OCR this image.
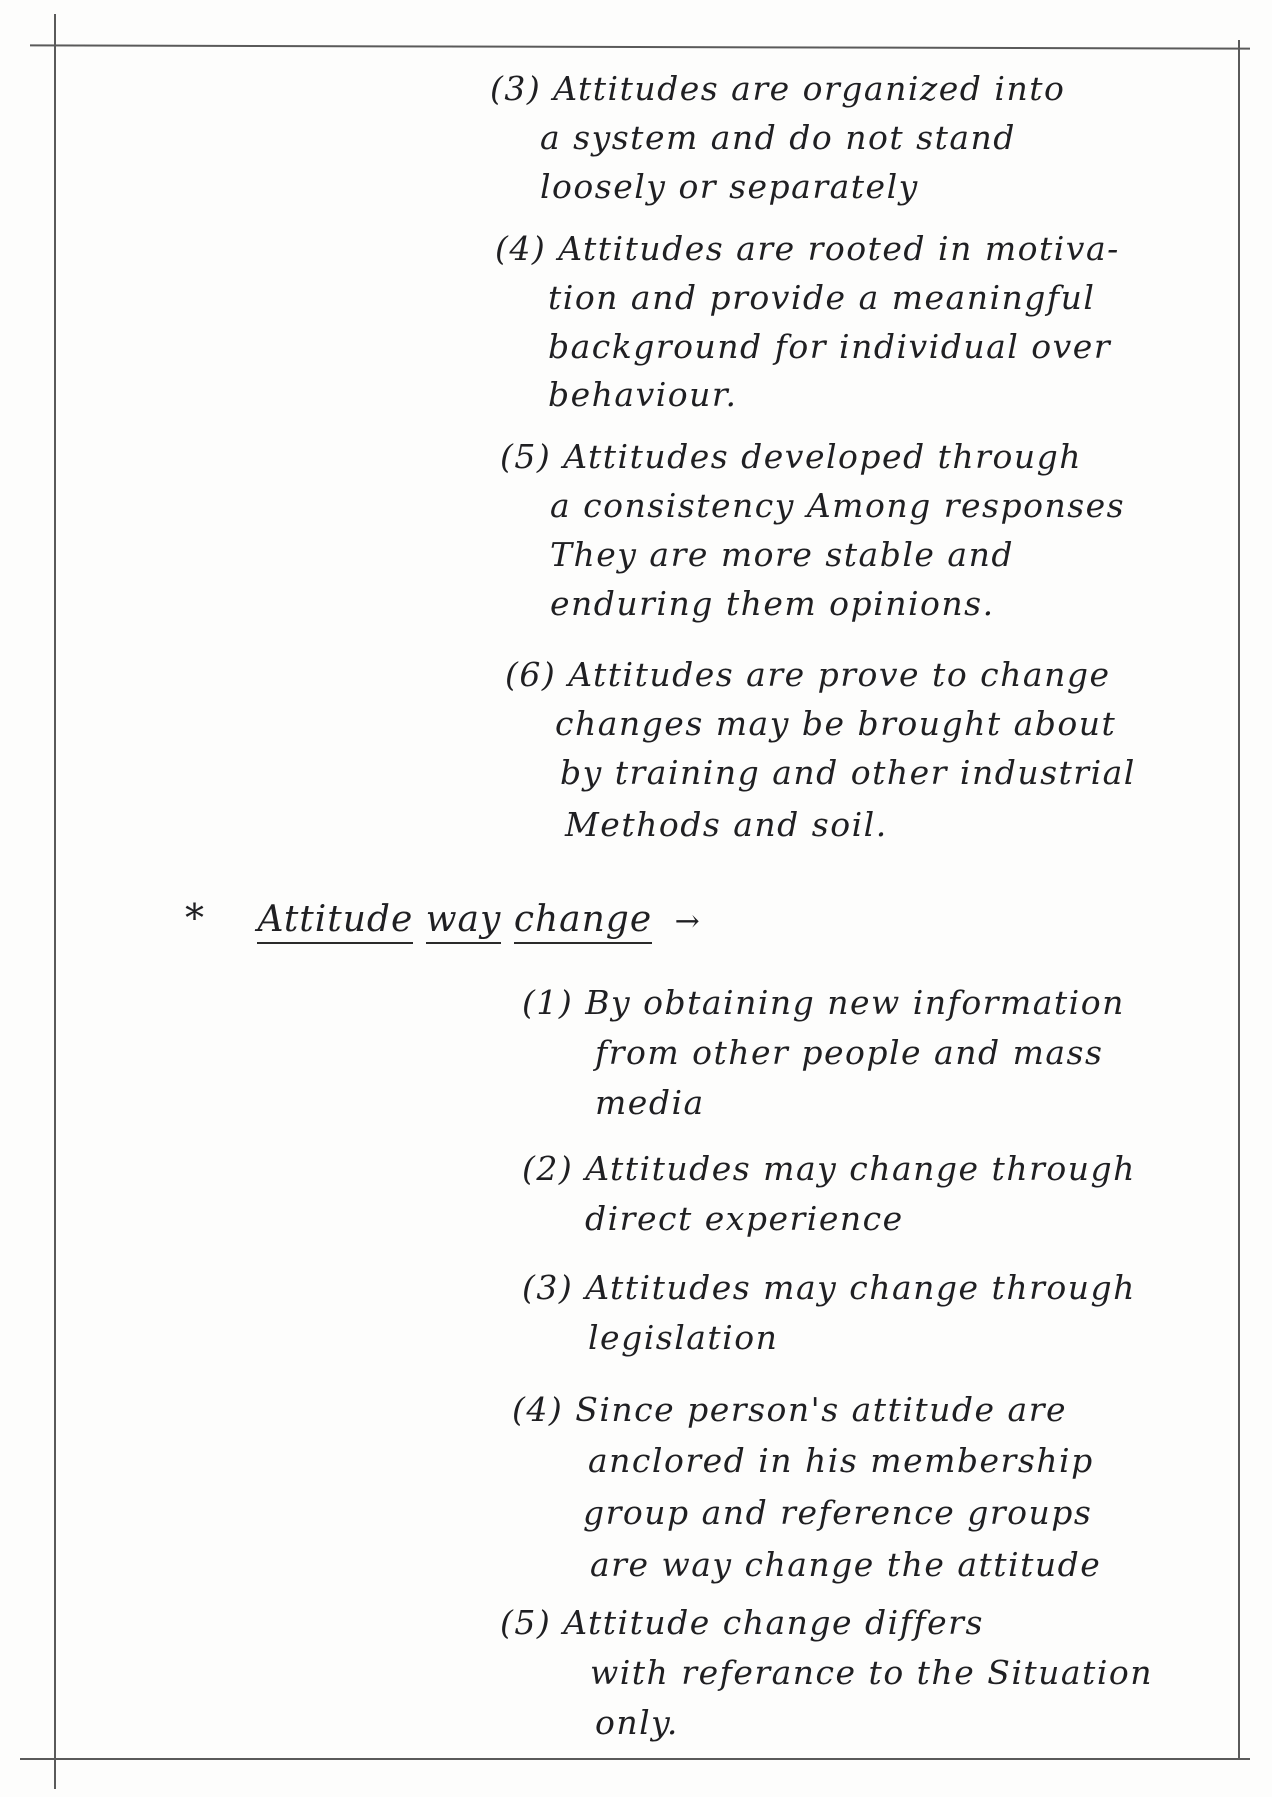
(3) Attitudes are organized into
a system and do not stand
loosely or separately
(4) Attitudes are rooted in motiva-
tion and provide a meaningful
background for individual over
behaviour.
(5) Attitudes developed through
a consistency Among responses
They are more stable and
enduring them opinions.
(6) Attitudes are prove to change
changes may be brought about
by training and other industrial
Methods and soil.
* Attitude way change →
(1) By obtaining new information
from other people and mass
media
(2) Attitudes may change through
direct experience
(3) Attitudes may change through
legislation
(4) Since person's attitude are
anclored in his membership
group and reference groups
are way change the attitude
(5) Attitude change differs
with referance to the Situation
only.
